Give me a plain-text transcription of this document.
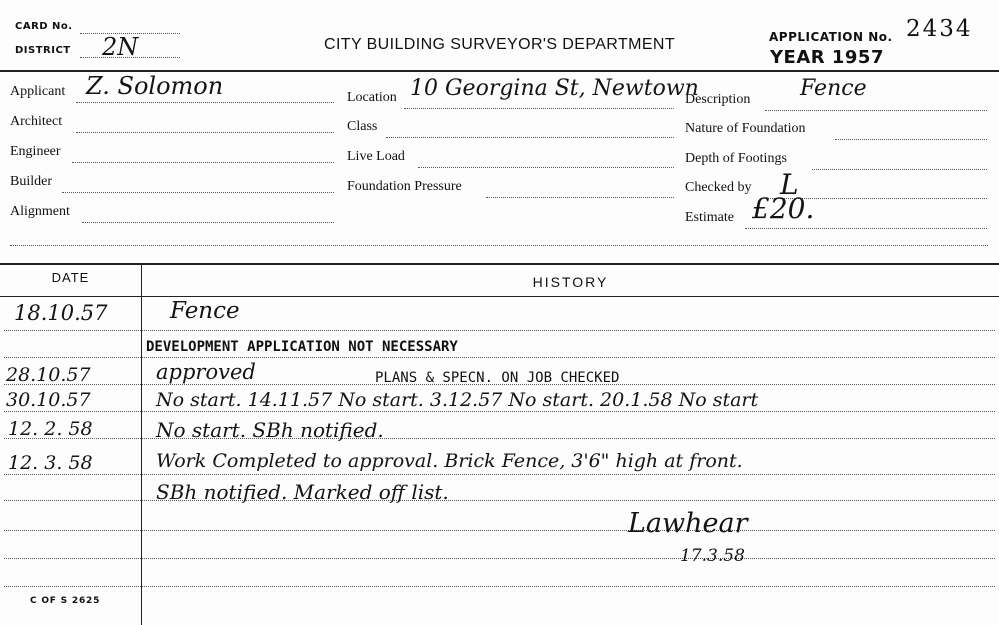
CARD No.
DISTRICT 2N	CITY BUILDING SURVEYOR'S DEPARTMENT	APPLICATION No. 2434
YEAR 1957
Applicant Z. Solomon
Architect
Engineer
Builder
Alignment
Location 10 Georgina St, Newtown
Class
Live Load
Foundation Pressure
Description Fence
Nature of Foundation
Depth of Footings
Checked by L
Estimate £20.
DATE	HISTORY
18.10.57	Fence
DEVELOPMENT APPLICATION NOT NECESSARY
28.10.57	approved	PLANS & SPECN. ON JOB CHECKED
30.10.57	No start. 14.11.57 No start. 3.12.57 No start. 20.1.58 No start
12. 2. 58	No start. SBh notified.
12. 3. 58	Work Completed to approval. Brick Fence, 3'6" high at front.
SBh notified. Marked off list.
Lawhear
17.3.58
C OF S 2625
